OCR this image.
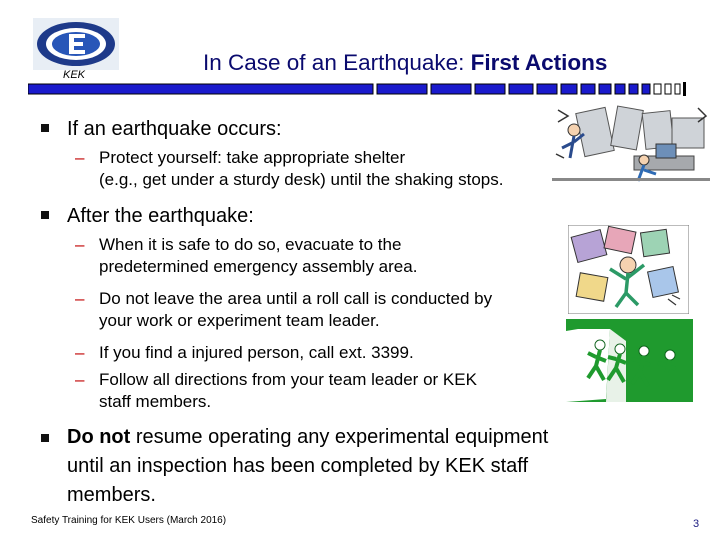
KEK	In Case of an Earthquake: First Actions
If an earthquake occurs:
– Protect yourself: take appropriate shelter
(e.g., get under a sturdy desk) until the shaking stops.
After the earthquake:
– When it is safe to do so, evacuate to the
predetermined emergency assembly area.
– Do not leave the area until a roll call is conducted by
your work or experiment team leader.
– If you find a injured person, call ext. 3399.
– Follow all directions from your team leader or KEK
staff members.
Do not resume operating any experimental equipment
until an inspection has been completed by KEK staff
members.
Safety Training for KEK Users (March 2016)	3
